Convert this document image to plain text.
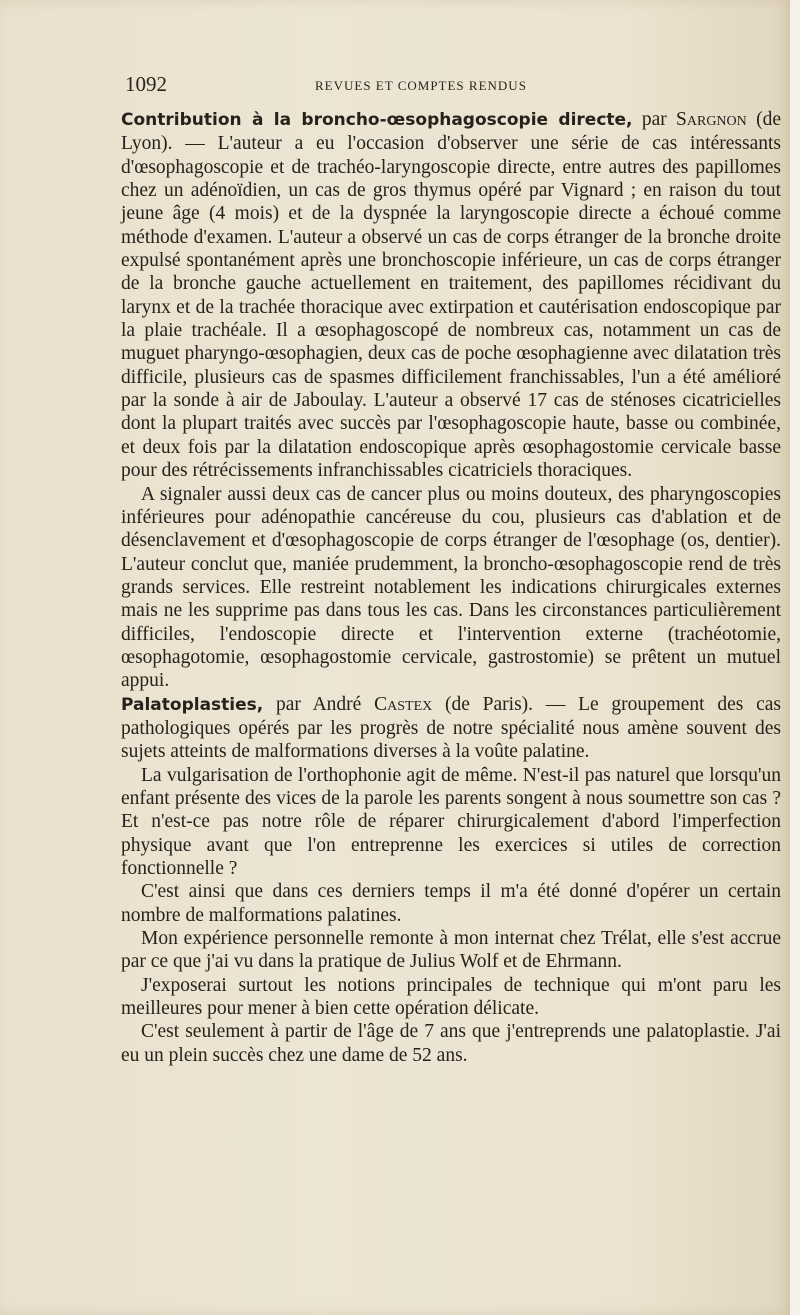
1092	REVUES ET COMPTES RENDUS

Contribution à la broncho-œsophagoscopie directe, par Sargnon (de Lyon). — L'auteur a eu l'occasion d'observer une série de cas intéressants d'œsophagoscopie et de trachéo-laryngoscopie directe, entre autres des papillomes chez un adénoïdien, un cas de gros thymus opéré par Vignard ; en raison du tout jeune âge (4 mois) et de la dyspnée la laryngoscopie directe a échoué comme méthode d'examen. L'auteur a observé un cas de corps étranger de la bronche droite expulsé spontanément après une bronchoscopie inférieure, un cas de corps étranger de la bronche gauche actuellement en traitement, des papillomes récidivant du larynx et de la trachée thoracique avec extirpation et cautérisation endoscopique par la plaie trachéale. Il a œsophagoscopé de nombreux cas, notamment un cas de muguet pharyngo-œsophagien, deux cas de poche œsophagienne avec dilatation très difficile, plusieurs cas de spasmes difficilement franchissables, l'un a été amélioré par la sonde à air de Jaboulay. L'auteur a observé 17 cas de sténoses cicatricielles dont la plupart traités avec succès par l'œsophagoscopie haute, basse ou combinée, et deux fois par la dilatation endoscopique après œsophagostomie cervicale basse pour des rétrécissements infranchissables cicatriciels thoraciques.

A signaler aussi deux cas de cancer plus ou moins douteux, des pharyngoscopies inférieures pour adénopathie cancéreuse du cou, plusieurs cas d'ablation et de désenclavement et d'œsophagoscopie de corps étranger de l'œsophage (os, dentier). L'auteur conclut que, maniée prudemment, la broncho-œsophagoscopie rend de très grands services. Elle restreint notablement les indications chirurgicales externes mais ne les supprime pas dans tous les cas. Dans les circonstances particulièrement difficiles, l'endoscopie directe et l'intervention externe (trachéotomie, œsophagotomie, œsophagostomie cervicale, gastrostomie) se prêtent un mutuel appui.

Palatoplasties, par André Castex (de Paris). — Le groupement des cas pathologiques opérés par les progrès de notre spécialité nous amène souvent des sujets atteints de malformations diverses à la voûte palatine.

La vulgarisation de l'orthophonie agit de même. N'est-il pas naturel que lorsqu'un enfant présente des vices de la parole les parents songent à nous soumettre son cas ? Et n'est-ce pas notre rôle de réparer chirurgicalement d'abord l'imperfection physique avant que l'on entreprenne les exercices si utiles de correction fonctionnelle ?

C'est ainsi que dans ces derniers temps il m'a été donné d'opérer un certain nombre de malformations palatines.

Mon expérience personnelle remonte à mon internat chez Trélat, elle s'est accrue par ce que j'ai vu dans la pratique de Julius Wolf et de Ehrmann.

J'exposerai surtout les notions principales de technique qui m'ont paru les meilleures pour mener à bien cette opération délicate.

C'est seulement à partir de l'âge de 7 ans que j'entreprends une palatoplastie. J'ai eu un plein succès chez une dame de 52 ans.
